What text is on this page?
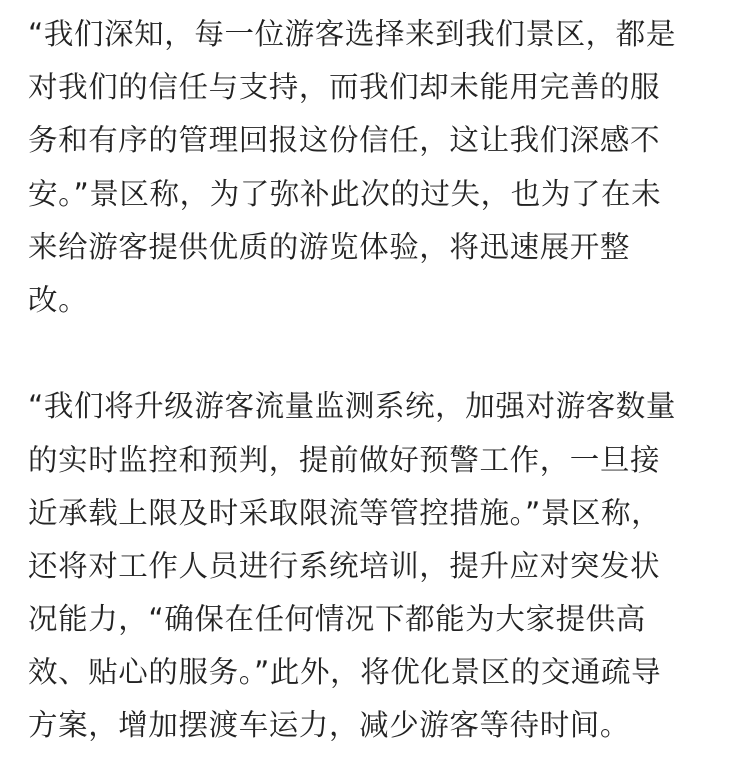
“我们深知，每一位游客选择来到我们景区，都是
对我们的信任与支持，而我们却未能用完善的服
务和有序的管理回报这份信任，这让我们深感不
安。”景区称，为了弥补此次的过失，也为了在未
来给游客提供优质的游览体验，将迅速展开整
改。
“我们将升级游客流量监测系统，加强对游客数量
的实时监控和预判，提前做好预警工作，一旦接
近承载上限及时采取限流等管控措施。”景区称，
还将对工作人员进行系统培训，提升应对突发状
况能力，“确保在任何情况下都能为大家提供高
效、贴心的服务。”此外，将优化景区的交通疏导
方案，增加摆渡车运力，减少游客等待时间。
